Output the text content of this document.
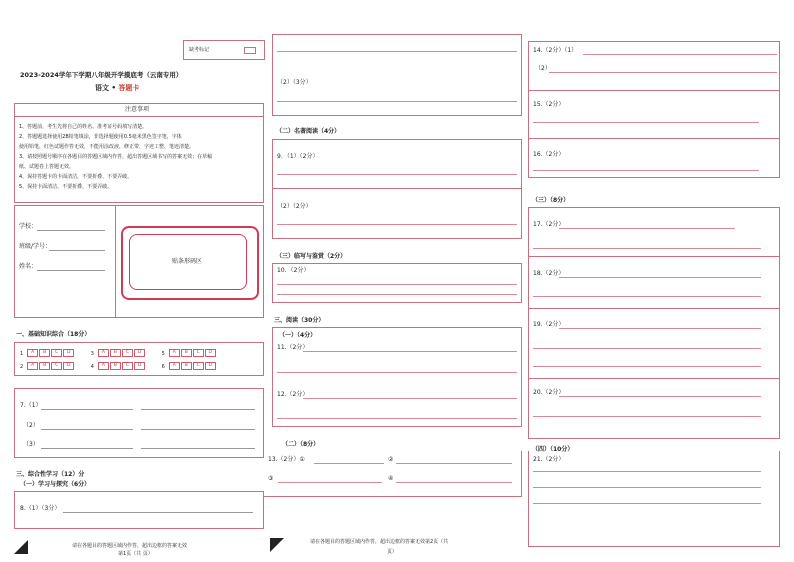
缺考标记
2023-2024学年下学期八年级开学摸底考（云南专用）
语文 • 答题卡
注意事项
1、答题前，考生先将自己的姓名、准考证号码填写清楚。
2、答题题选择使用2B铅笔填涂，非选择题使用0.5毫米黑色签字笔，字体
使用铅笔，红色试题作答无效，不能用涂改液，修正带，字迹工整、笔迹清楚。
3、请按照题号顺序在各题目的答题区域内作答，超出答题区域书写的答案无效；在草稿
纸、试题卷上答题无效。
4、保持答题卡的卡面清洁，不要折叠、不要弄破。
5、保持卡面清洁，不要折叠，不要弄破。
学校：
班级/学号：
姓名：
贴条形码区
一、基础知识综合（18分）
1 A B C D	3 A B C D	5 A B C D
2 A B C D	4 A B C D	6 A B C D
7.（1）
（2）
（3）
三、综合性学习（12）分
（一）学习与探究（6分）
8.（1）（3分）
请在各题目的答题区域内作答，超出边框的答案无效
第1页（共 页）
（2）（3分）
（二）名著阅读（4分）
9．（1）（2分）
（2）（2分）
（三）临写与鉴赏（2分）
10．（2分）
三、阅读（30分）
（一）（4分）
11.（2分）
12.（2分）
（二）（8分）
13.（2分）①	②
③	④
请在各题目的答题区域内作答，超出边框的答案无效第2页（共
页）
14.（2分）（1）
（2）
15.（2分）
16.（2分）
（三）（8分）
17.（2分）
18.（2分）
19.（2分）
20.（2分）
（四）（10分）
21.（2分）
